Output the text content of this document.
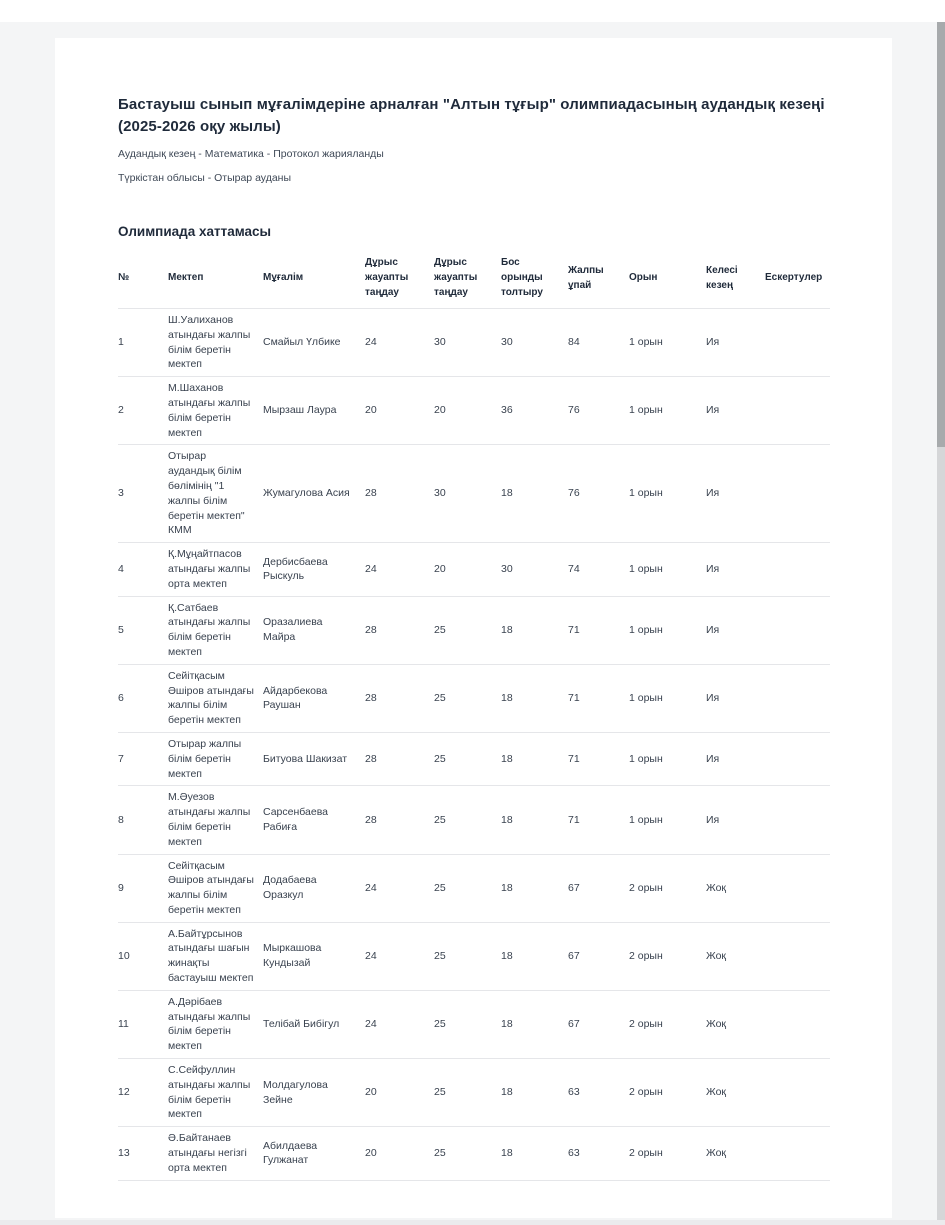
Бастауыш сынып мұғалімдеріне арналған "Алтын тұғыр" олимпиадасының аудандық кезеңі (2025-2026 оқу жылы)
Аудандық кезең - Математика - Протокол жарияланды
Түркістан облысы - Отырар ауданы
Олимпиада хаттамасы
№	Мектеп	Мұғалім	Дұрыс жауапты таңдау	Дұрыс жауапты таңдау	Бос орынды толтыру	Жалпы ұпай	Орын	Келесі кезең	Ескертулер
1	Ш.Уалиханов атындағы жалпы білім беретін мектеп	Смайыл Үлбике	24	30	30	84	1 орын	Ия	
2	М.Шаханов атындағы жалпы білім беретін мектеп	Мырзаш Лаура	20	20	36	76	1 орын	Ия	
3	Отырар аудандық білім бөлімінің "1 жалпы білім беретін мектеп" КММ	Жумагулова Асия	28	30	18	76	1 орын	Ия	
4	Қ.Мұңайтпасов атындағы жалпы орта мектеп	Дербисбаева Рыскуль	24	20	30	74	1 орын	Ия	
5	Қ.Сатбаев атындағы жалпы білім беретін мектеп	Оразалиева Майра	28	25	18	71	1 орын	Ия	
6	Сейітқасым Әшіров атындағы жалпы білім беретін мектеп	Айдарбекова Раушан	28	25	18	71	1 орын	Ия	
7	Отырар жалпы білім беретін мектеп	Битуова Шакизат	28	25	18	71	1 орын	Ия	
8	М.Әуезов атындағы жалпы білім беретін мектеп	Сарсенбаева Рабиға	28	25	18	71	1 орын	Ия	
9	Сейітқасым Әшіров атындағы жалпы білім беретін мектеп	Додабаева Оразкул	24	25	18	67	2 орын	Жоқ	
10	А.Байтұрсынов атындағы шағын жинақты бастауыш мектеп	Мыркашова Кундызай	24	25	18	67	2 орын	Жоқ	
11	А.Дәрібаев атындағы жалпы білім беретін мектеп	Телібай Бибігул	24	25	18	67	2 орын	Жоқ	
12	С.Сейфуллин атындағы жалпы білім беретін мектеп	Молдагулова Зейне	20	25	18	63	2 орын	Жоқ	
13	Ә.Байтанаев атындағы негізгі орта мектеп	Абилдаева Гулжанат	20	25	18	63	2 орын	Жоқ	
